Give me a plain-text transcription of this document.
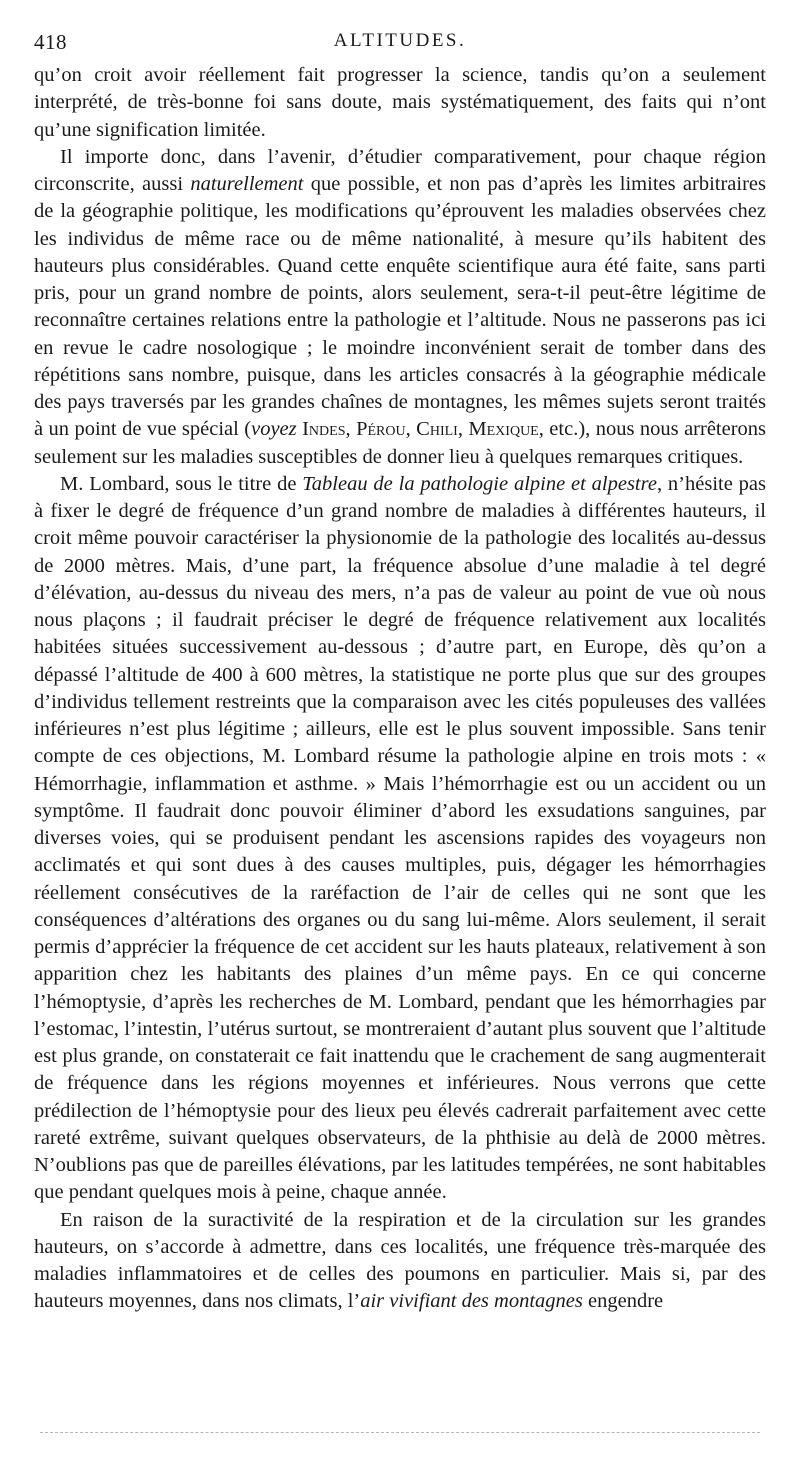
418	ALTITUDES.

qu’on croit avoir réellement fait progresser la science, tandis qu’on a seulement interprété, de très-bonne foi sans doute, mais systématiquement, des faits qui n’ont qu’une signification limitée.

Il importe donc, dans l’avenir, d’étudier comparativement, pour chaque région circonscrite, aussi naturellement que possible, et non pas d’après les limites arbitraires de la géographie politique, les modifications qu’éprouvent les maladies observées chez les individus de même race ou de même nationalité, à mesure qu’ils habitent des hauteurs plus considérables. Quand cette enquête scientifique aura été faite, sans parti pris, pour un grand nombre de points, alors seulement, sera-t-il peut-être légitime de reconnaître certaines relations entre la pathologie et l’altitude. Nous ne passerons pas ici en revue le cadre nosologique ; le moindre inconvénient serait de tomber dans des répétitions sans nombre, puisque, dans les articles consacrés à la géographie médicale des pays traversés par les grandes chaînes de montagnes, les mêmes sujets seront traités à un point de vue spécial (voyez Indes, Pérou, Chili, Mexique, etc.), nous nous arrêterons seulement sur les maladies susceptibles de donner lieu à quelques remarques critiques.

M. Lombard, sous le titre de Tableau de la pathologie alpine et alpestre, n’hésite pas à fixer le degré de fréquence d’un grand nombre de maladies à différentes hauteurs, il croit même pouvoir caractériser la physionomie de la pathologie des localités au-dessus de 2000 mètres. Mais, d’une part, la fréquence absolue d’une maladie à tel degré d’élévation, au-dessus du niveau des mers, n’a pas de valeur au point de vue où nous nous plaçons ; il faudrait préciser le degré de fréquence relativement aux localités habitées situées successivement au-dessous ; d’autre part, en Europe, dès qu’on a dépassé l’altitude de 400 à 600 mètres, la statistique ne porte plus que sur des groupes d’individus tellement restreints que la comparaison avec les cités populeuses des vallées inférieures n’est plus légitime ; ailleurs, elle est le plus souvent impossible. Sans tenir compte de ces objections, M. Lombard résume la pathologie alpine en trois mots : « Hémorrhagie, inflammation et asthme. » Mais l’hémorrhagie est ou un accident ou un symptôme. Il faudrait donc pouvoir éliminer d’abord les exsudations sanguines, par diverses voies, qui se produisent pendant les ascensions rapides des voyageurs non acclimatés et qui sont dues à des causes multiples, puis, dégager les hémorrhagies réellement consécutives de la raréfaction de l’air de celles qui ne sont que les conséquences d’altérations des organes ou du sang lui-même. Alors seulement, il serait permis d’apprécier la fréquence de cet accident sur les hauts plateaux, relativement à son apparition chez les habitants des plaines d’un même pays. En ce qui concerne l’hémoptysie, d’après les recherches de M. Lombard, pendant que les hémorrhagies par l’estomac, l’intestin, l’utérus surtout, se montreraient d’autant plus souvent que l’altitude est plus grande, on constaterait ce fait inattendu que le crachement de sang augmenterait de fréquence dans les régions moyennes et inférieures. Nous verrons que cette prédilection de l’hémoptysie pour des lieux peu élevés cadrerait parfaitement avec cette rareté extrême, suivant quelques observateurs, de la phthisie au delà de 2000 mètres. N’oublions pas que de pareilles élévations, par les latitudes tempérées, ne sont habitables que pendant quelques mois à peine, chaque année.

En raison de la suractivité de la respiration et de la circulation sur les grandes hauteurs, on s’accorde à admettre, dans ces localités, une fréquence très-marquée des maladies inflammatoires et de celles des poumons en particulier. Mais si, par des hauteurs moyennes, dans nos climats, l’air vivifiant des montagnes engendre
